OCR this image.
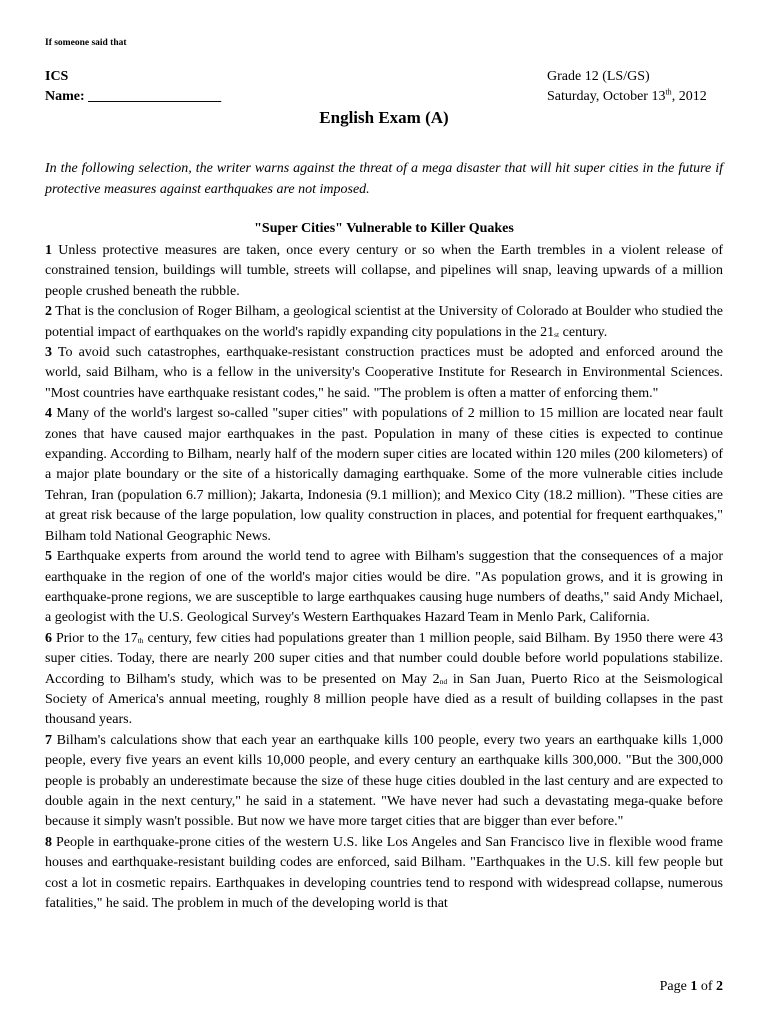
If someone said that
ICS
Name: ___________________
Grade 12 (LS/GS)
Saturday, October 13th, 2012
English Exam (A)
In the following selection, the writer warns against the threat of a mega disaster that will hit super cities in the future if protective measures against earthquakes are not imposed.
"Super Cities" Vulnerable to Killer Quakes

1 Unless protective measures are taken, once every century or so when the Earth trembles in a violent release of constrained tension, buildings will tumble, streets will collapse, and pipelines will snap, leaving upwards of a million people crushed beneath the rubble.

2 That is the conclusion of Roger Bilham, a geological scientist at the University of Colorado at Boulder who studied the potential impact of earthquakes on the world's rapidly expanding city populations in the $21_{st}$ century.

3 To avoid such catastrophes, earthquake-resistant construction practices must be adopted and enforced around the world, said Bilham, who is a fellow in the university's Cooperative Institute for Research in Environmental Sciences. "Most countries have earthquake resistant codes," he said. "The problem is often a matter of enforcing them."

4 Many of the world's largest so-called "super cities" with populations of 2 million to 15 million are located near fault zones that have caused major earthquakes in the past. Population in many of these cities is expected to continue expanding. According to Bilham, nearly half of the modern super cities are located within 120 miles (200 kilometers) of a major plate boundary or the site of a historically damaging earthquake. Some of the more vulnerable cities include Tehran, Iran (population 6.7 million); Jakarta, Indonesia (9.1 million); and Mexico City (18.2 million). "These cities are at great risk because of the large population, low quality construction in places, and potential for frequent earthquakes," Bilham told National Geographic News.

5 Earthquake experts from around the world tend to agree with Bilham's suggestion that the consequences of a major earthquake in the region of one of the world's major cities would be dire. "As population grows, and it is growing in earthquake-prone regions, we are susceptible to large earthquakes causing huge numbers of deaths," said Andy Michael, a geologist with the U.S. Geological Survey's Western Earthquakes Hazard Team in Menlo Park, California.

6 Prior to the $17_{th}$ century, few cities had populations greater than 1 million people, said Bilham. By 1950 there were 43 super cities. Today, there are nearly 200 super cities and that number could double before world populations stabilize. According to Bilham's study, which was to be presented on May $2_{nd}$ in San Juan, Puerto Rico at the Seismological Society of America's annual meeting, roughly 8 million people have died as a result of building collapses in the past thousand years.

7 Bilham's calculations show that each year an earthquake kills 100 people, every two years an earthquake kills 1,000 people, every five years an event kills 10,000 people, and every century an earthquake kills 300,000. "But the 300,000 people is probably an underestimate because the size of these huge cities doubled in the last century and are expected to double again in the next century," he said in a statement. "We have never had such a devastating mega-quake before because it simply wasn't possible. But now we have more target cities that are bigger than ever before."

8 People in earthquake-prone cities of the western U.S. like Los Angeles and San Francisco live in flexible wood frame houses and earthquake-resistant building codes are enforced, said Bilham. "Earthquakes in the U.S. kill few people but cost a lot in cosmetic repairs. Earthquakes in developing countries tend to respond with widespread collapse, numerous fatalities," he said. The problem in much of the developing world is that

Page 1 of 2
